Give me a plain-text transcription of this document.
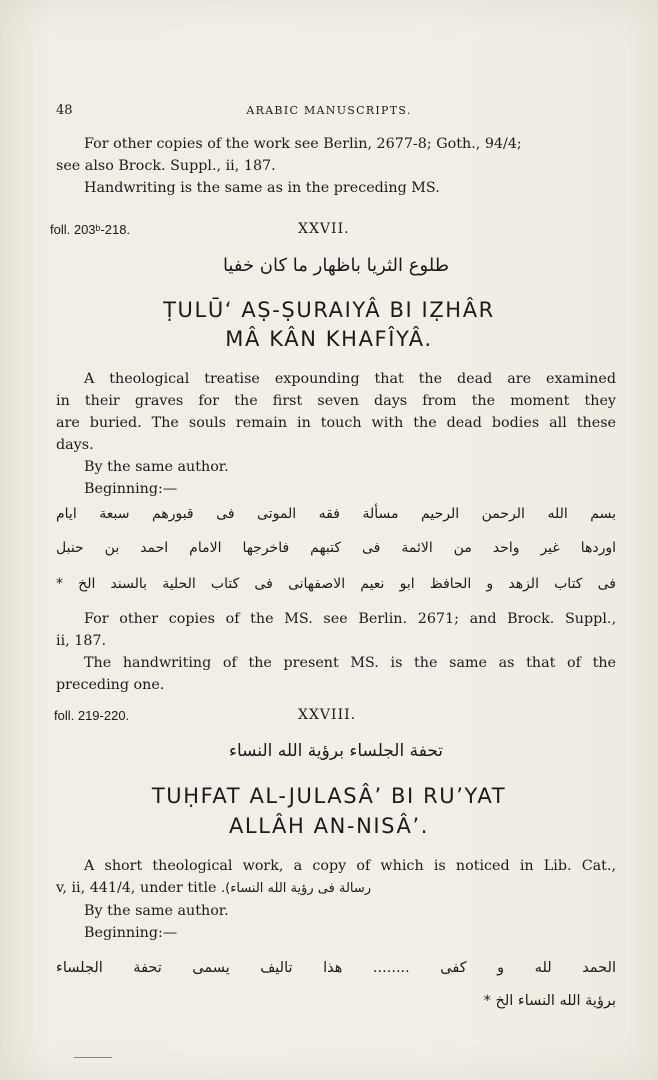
48	ARABIC MANUSCRIPTS.
For other copies of the work see Berlin, 2677-8; Goth., 94/4;
see also Brock. Suppl., ii, 187.
Handwriting is the same as in the preceding MS.
foll. 203ᵇ-218.	XXVII.
طلوع الثريا باظهار ما كان خفيا
ṬULŪ‘ AṢ-ṢURAIYÂ BI IẒHÂR
MÂ KÂN KHAFÎYÂ.
A theological treatise expounding that the dead are examined
in their graves for the first seven days from the moment they
are buried. The souls remain in touch with the dead bodies all these
days.
By the same author.
Beginning:—
بسم الله الرحمن الرحيم مسألة فقه الموتى فى قبورهم سبعة ايام
اوردها غير واحد من الائمة فى كتبهم فاخرجها الامام احمد بن حنبل
فى كتاب الزهد و الحافظ ابو نعيم الاصفهانى فى كتاب الحلية بالسند الخ *
For other copies of the MS. see Berlin. 2671; and Brock. Suppl.,
ii, 187.
The handwriting of the present MS. is the same as that of the
preceding one.
foll. 219-220.	XXVIII.
تحفة الجلساء برؤية الله النساء
TUḤFAT AL-JULASÂ’ BI RU’YAT
ALLÂH AN-NISÂ’.
A short theological work, a copy of which is noticed in Lib. Cat.,
v, ii, 441/4, under title رسالة فى رؤية الله النساء).
By the same author.
Beginning:—
الحمد لله و كفى ........ هذا تاليف يسمى تحفة الجلساء
برؤية الله النساء الخ *
